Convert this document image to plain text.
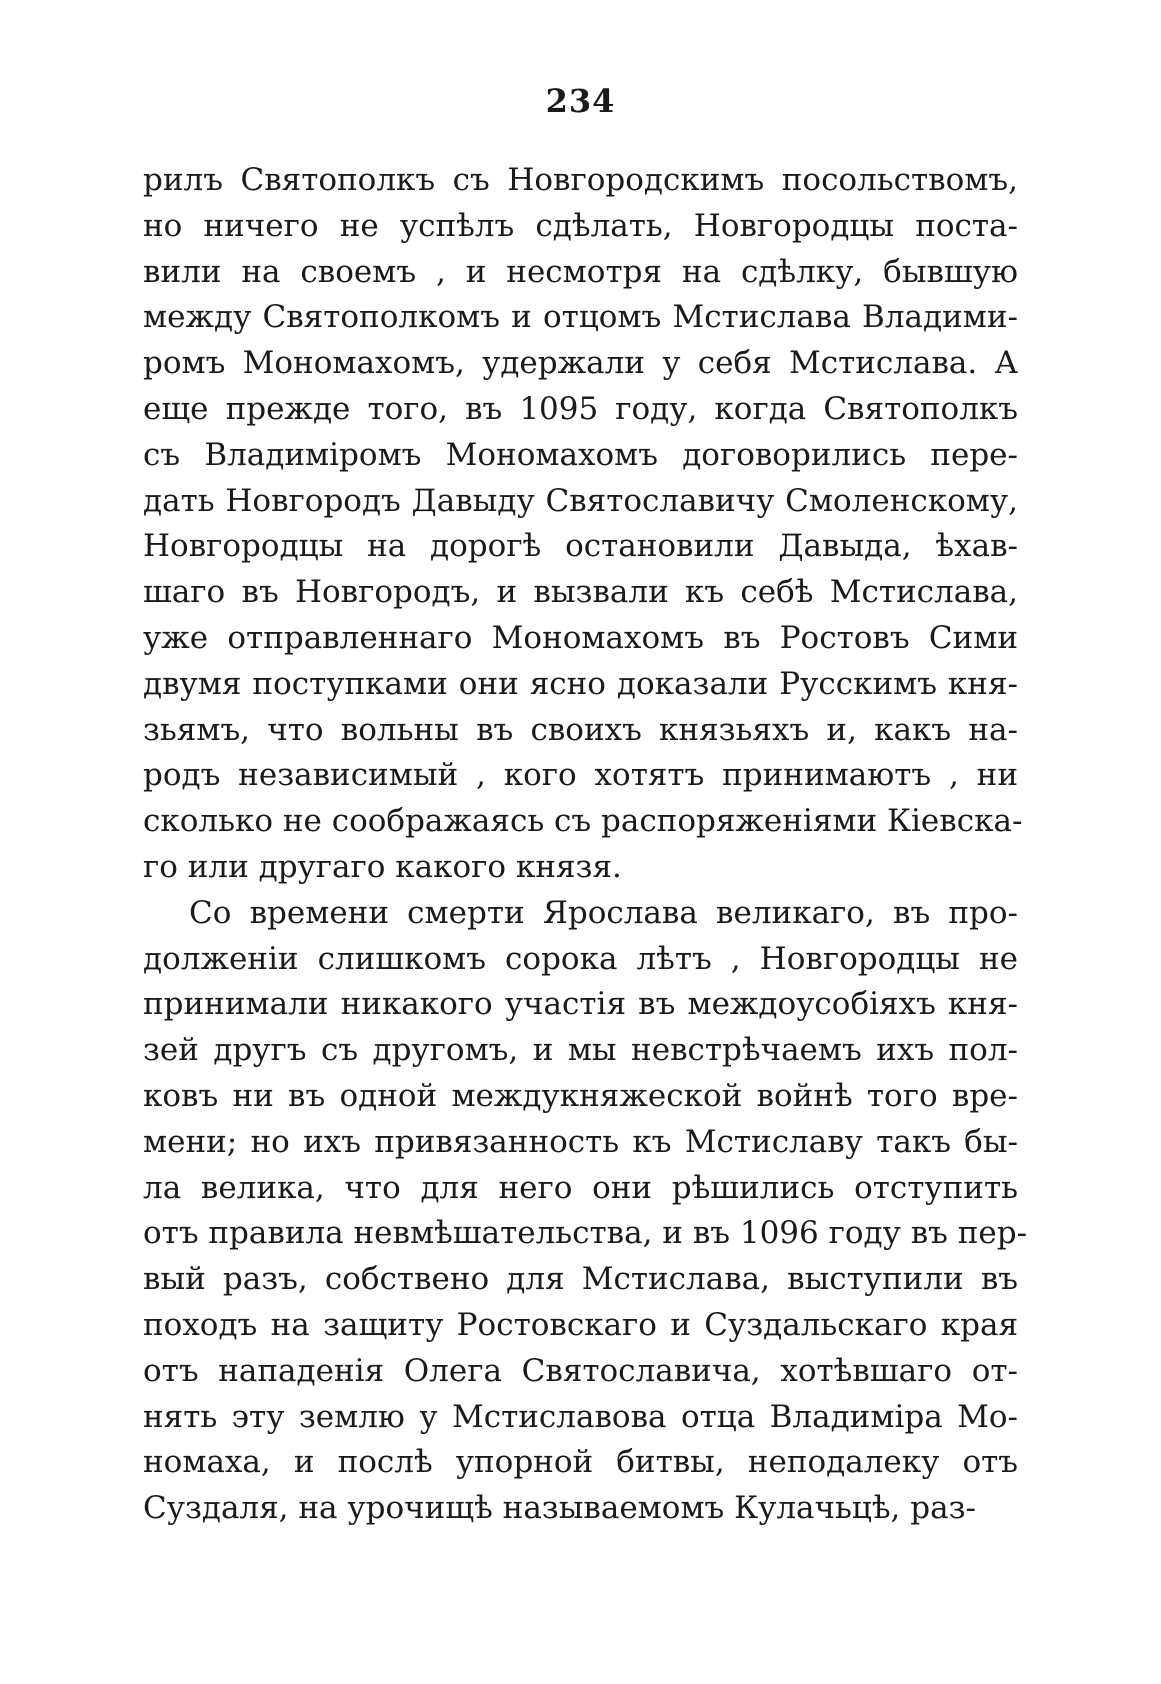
234
рилъ Святополкъ съ Новгородскимъ посольствомъ,
но ничего не успѣлъ сдѣлать, Новгородцы поста-
вили на своемъ , и несмотря на сдѣлку, бывшую
между Святополкомъ и отцомъ Мстислава Владими-
ромъ Мономахомъ, удержали у себя Мстислава. А
еще прежде того, въ 1095 году, когда Святополкъ
съ Владиміромъ Мономахомъ договорились пере-
дать Новгородъ Давыду Святославичу Смоленскому,
Новгородцы на дорогѣ остановили Давыда, ѣхав-
шаго въ Новгородъ, и вызвали къ себѣ Мстислава,
уже отправленнаго Мономахомъ въ Ростовъ Сими
двумя поступками они ясно доказали Русскимъ кня-
зьямъ, что вольны въ своихъ князьяхъ и, какъ на-
родъ независимый , кого хотятъ принимаютъ , ни
сколько не соображаясь съ распоряженіями Кіевска-
го или другаго какого князя.
Со времени смерти Ярослава великаго, въ про-
долженіи слишкомъ сорока лѣтъ , Новгородцы не
принимали никакого участія въ междоусобіяхъ кня-
зей другъ съ другомъ, и мы невстрѣчаемъ ихъ пол-
ковъ ни въ одной междукняжеской войнѣ того вре-
мени; но ихъ привязанность къ Мстиславу такъ бы-
ла велика, что для него они рѣшились отступить
отъ правила невмѣшательства, и въ 1096 году въ пер-
вый разъ, собствено для Мстислава, выступили въ
походъ на защиту Ростовскаго и Суздальскаго края
отъ нападенія Олега Святославича, хотѣвшаго от-
нять эту землю у Мстиславова отца Владиміра Мо-
номаха, и послѣ упорной битвы, неподалеку отъ
Суздаля, на урочищѣ называемомъ Кулачьцѣ, раз-
